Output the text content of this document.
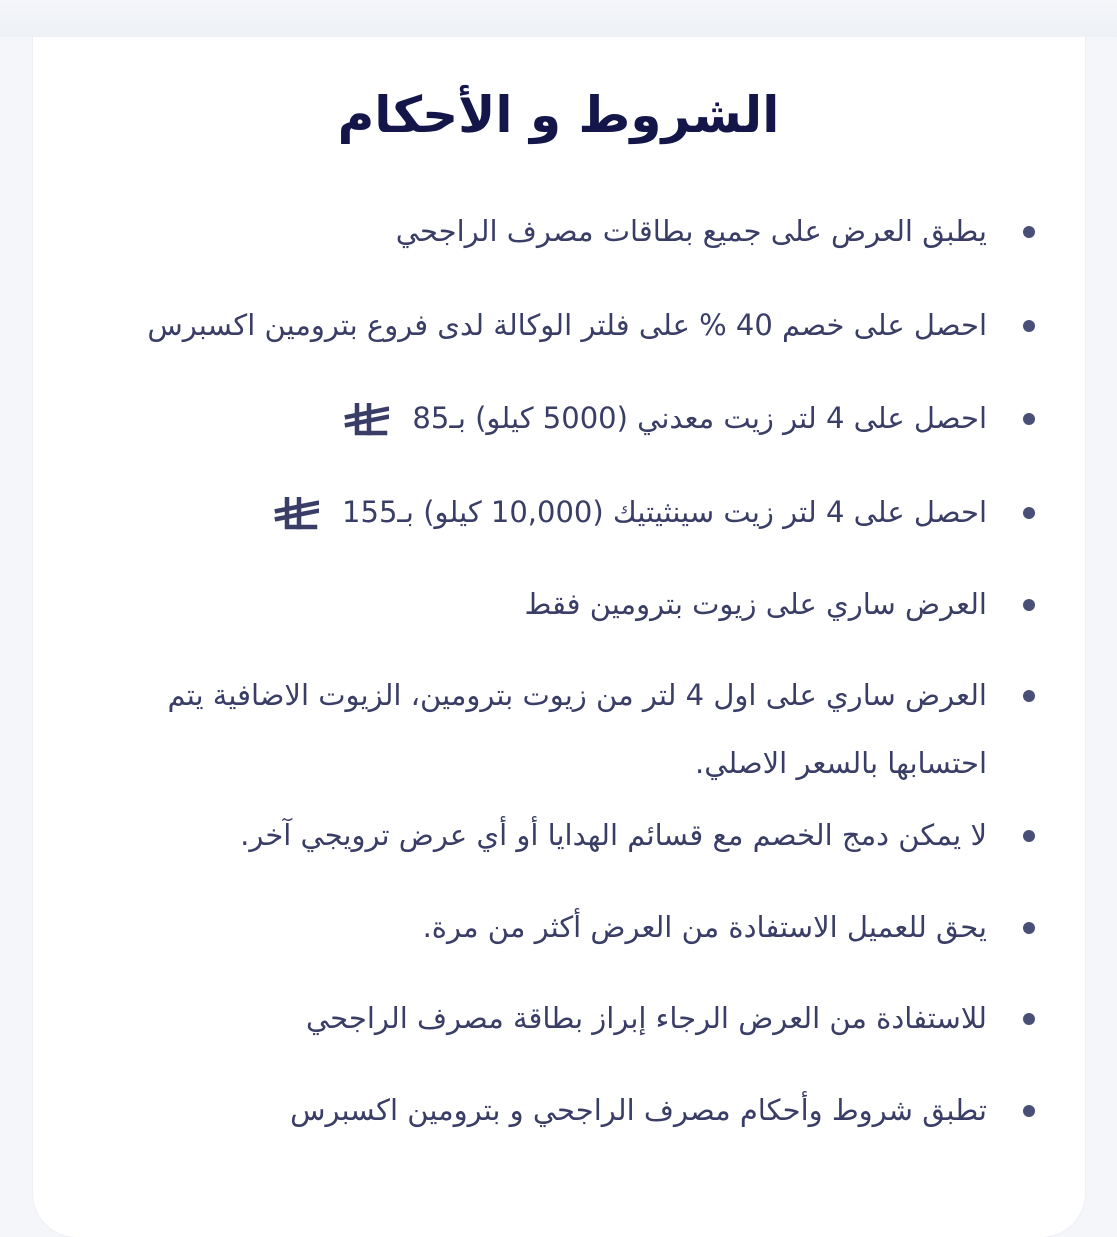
الشروط و الأحكام
يطبق العرض على جميع بطاقات مصرف الراجحي
احصل على خصم 40 % على فلتر الوكالة لدى فروع بترومين اكسبرس
احصل على 4 لتر زيت معدني (5000 كيلو) بـ85
احصل على 4 لتر زيت سينثيتيك (10,000 كيلو) بـ155
العرض ساري على زيوت بترومين فقط
العرض ساري على اول 4 لتر من زيوت بترومين، الزيوت الاضافية يتم احتسابها بالسعر الاصلي.
لا يمكن دمج الخصم مع قسائم الهدايا أو أي عرض ترويجي آخر.
يحق للعميل الاستفادة من العرض أكثر من مرة.
للاستفادة من العرض الرجاء إبراز بطاقة مصرف الراجحي
تطبق شروط وأحكام مصرف الراجحي و بترومين اكسبرس
